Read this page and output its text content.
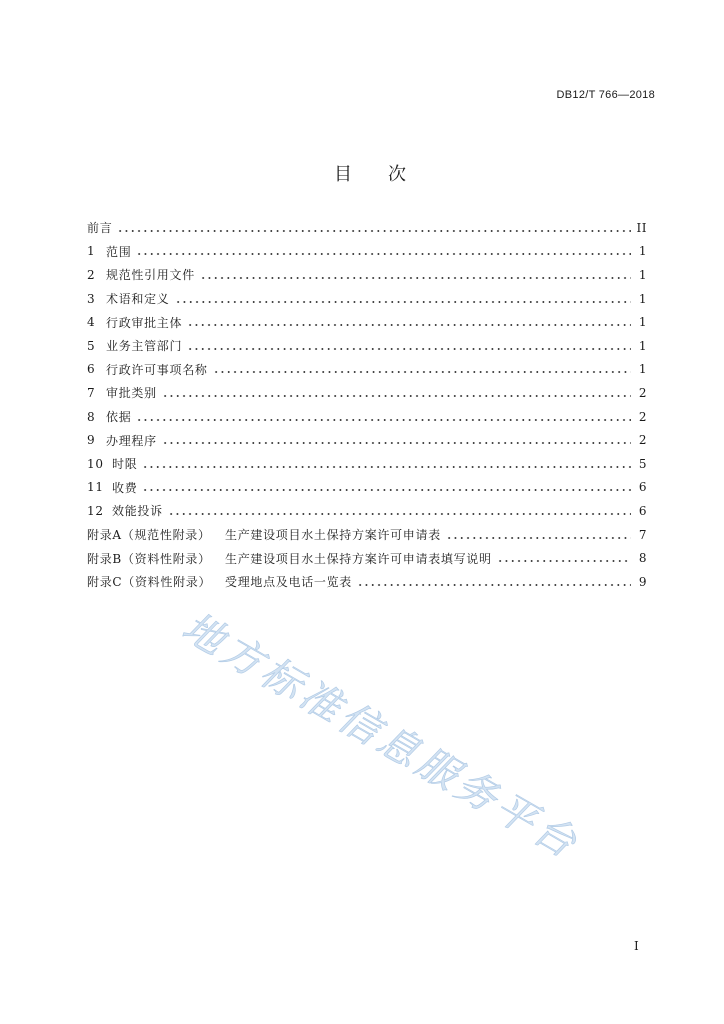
DB12/T 766—2018
目　　次
前言	II
1 范围	1
2 规范性引用文件	1
3 术语和定义	1
4 行政审批主体	1
5 业务主管部门	1
6 行政许可事项名称	1
7 审批类别	2
8 依据	2
9 办理程序	2
10 时限	5
11 收费	6
12 效能投诉	6
附录A（规范性附录）	生产建设项目水土保持方案许可申请表	7
附录B（资料性附录）	生产建设项目水土保持方案许可申请表填写说明	8
附录C（资料性附录）	受理地点及电话一览表	9
地方标准信息服务平台
I
